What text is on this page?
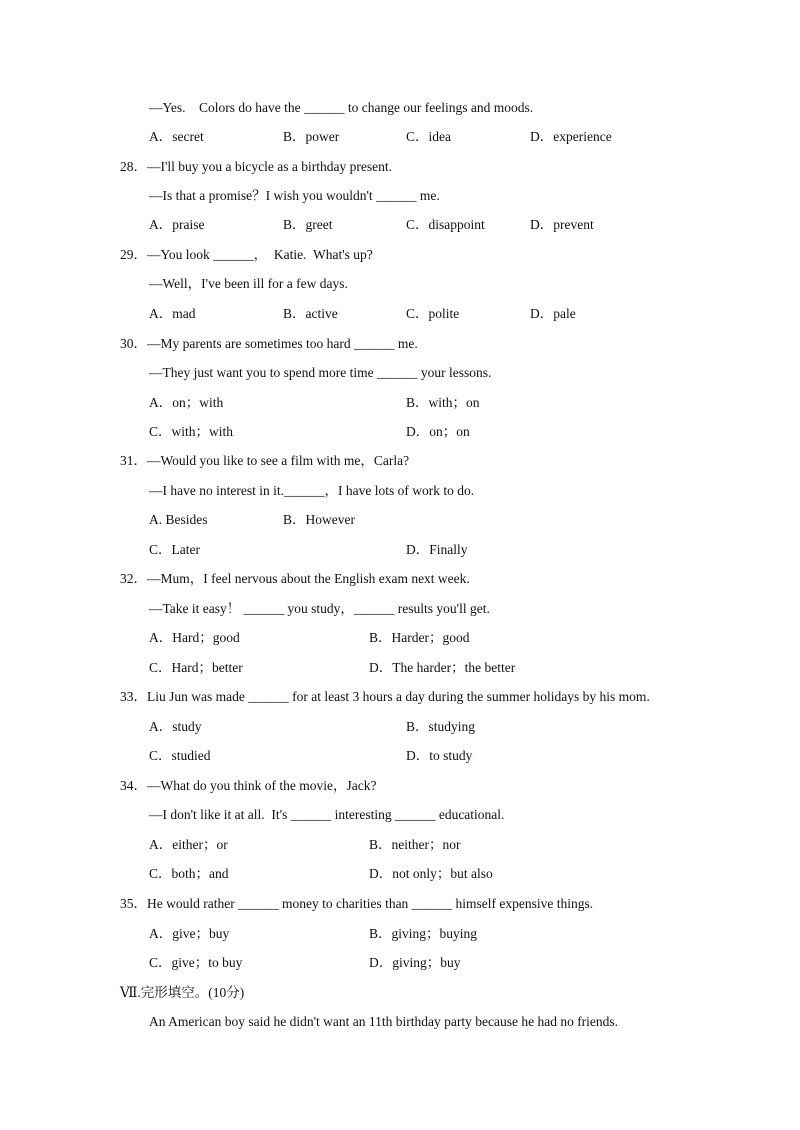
—Yes.    Colors do have the ______ to change our feelings and moods.
A．secret	B．power	C．idea	D．experience
28．—I'll buy you a bicycle as a birthday present.
—Is that a promise？I wish you wouldn't ______ me.
A．praise	B．greet	C．disappoint	D．prevent
29．—You look ______，  Katie.  What's up?
—Well，I've been ill for a few days.
A．mad	B．active	C．polite	D．pale
30．—My parents are sometimes too hard ______ me.
—They just want you to spend more time ______ your lessons.
A．on；with	B．with；on
C．with；with	D．on；on
31．—Would you like to see a film with me，Carla?
—I have no interest in it.______，I have lots of work to do.
A. Besides	B．However
C．Later	D．Finally
32．—Mum，I feel nervous about the English exam next week.
—Take it easy！ ______ you study，______ results you'll get.
A．Hard；good	B．Harder；good
C．Hard；better	D．The harder；the better
33．Liu Jun was made ______ for at least 3 hours a day during the summer holidays by his mom.
A．study	B．studying
C．studied	D．to study
34．—What do you think of the movie，Jack?
—I don't like it at all.  It's ______ interesting ______ educational.
A．either；or	B．neither；nor
C．both；and	D．not only；but also
35．He would rather ______ money to charities than ______ himself expensive things.
A．give；buy	B．giving；buying
C．give；to buy	D．giving；buy
Ⅶ.完形填空。(10分)
An American boy said he didn't want an 11th birthday party because he had no friends.
